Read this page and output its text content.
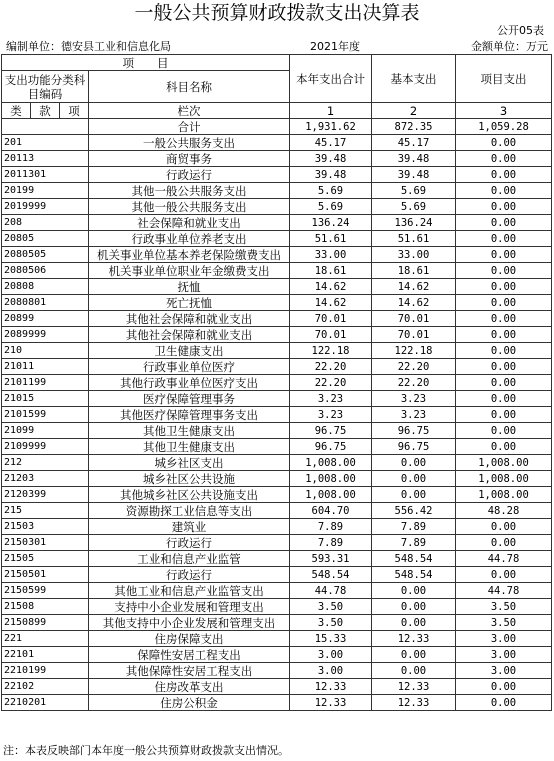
一般公共预算财政拨款支出决算表
公开05表
编制单位：德安县工业和信息化局	2021年度	金额单位：万元
项　　目				本年支出合计	基本支出	项目支出
支出功能分类科目编码			科目名称			

类	款	项		1	2	3
			栏次			
			合计	1,931.62	872.35	1,059.28
201			一般公共服务支出	45.17	45.17	0.00
20113			商贸事务	39.48	39.48	0.00
2011301			行政运行	39.48	39.48	0.00
20199			其他一般公共服务支出	5.69	5.69	0.00
2019999			其他一般公共服务支出	5.69	5.69	0.00
208			社会保障和就业支出	136.24	136.24	0.00
20805			行政事业单位养老支出	51.61	51.61	0.00
2080505			机关事业单位基本养老保险缴费支出	33.00	33.00	0.00
2080506			机关事业单位职业年金缴费支出	18.61	18.61	0.00
20808			抚恤	14.62	14.62	0.00
2080801			死亡抚恤	14.62	14.62	0.00
20899			其他社会保障和就业支出	70.01	70.01	0.00
2089999			其他社会保障和就业支出	70.01	70.01	0.00
210			卫生健康支出	122.18	122.18	0.00
21011			行政事业单位医疗	22.20	22.20	0.00
2101199			其他行政事业单位医疗支出	22.20	22.20	0.00
21015			医疗保障管理事务	3.23	3.23	0.00
2101599			其他医疗保障管理事务支出	3.23	3.23	0.00
21099			其他卫生健康支出	96.75	96.75	0.00
2109999			其他卫生健康支出	96.75	96.75	0.00
212			城乡社区支出	1,008.00	0.00	1,008.00
21203			城乡社区公共设施	1,008.00	0.00	1,008.00
2120399			其他城乡社区公共设施支出	1,008.00	0.00	1,008.00
215			资源勘探工业信息等支出	604.70	556.42	48.28
21503			建筑业	7.89	7.89	0.00
2150301			行政运行	7.89	7.89	0.00
21505			工业和信息产业监管	593.31	548.54	44.78
2150501			行政运行	548.54	548.54	0.00
2150599			其他工业和信息产业监管支出	44.78	0.00	44.78
21508			支持中小企业发展和管理支出	3.50	0.00	3.50
2150899			其他支持中小企业发展和管理支出	3.50	0.00	3.50
221			住房保障支出	15.33	12.33	3.00
22101			保障性安居工程支出	3.00	0.00	3.00
2210199			其他保障性安居工程支出	3.00	0.00	3.00
22102			住房改革支出	12.33	12.33	0.00
2210201			住房公积金	12.33	12.33	0.00
注：本表反映部门本年度一般公共预算财政拨款支出情况。
